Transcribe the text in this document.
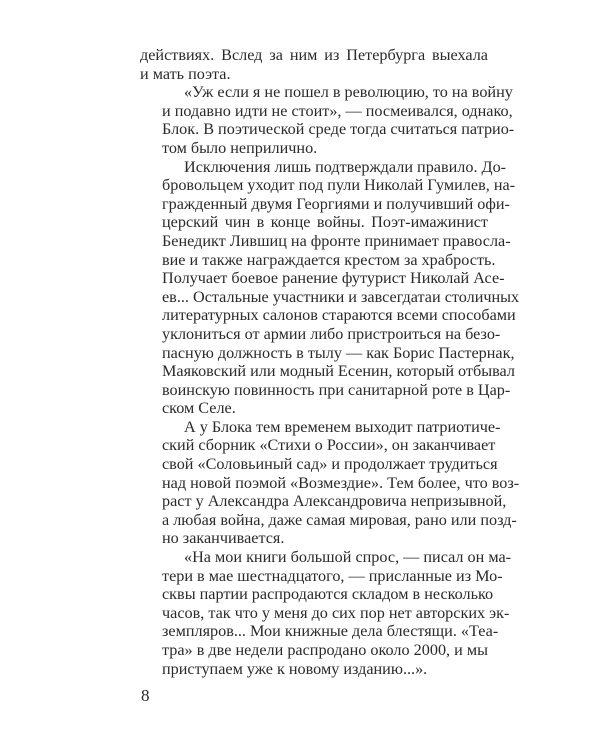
действиях. Вслед за ним из Петербурга выехала
и мать поэта.

«Уж если я не пошел в революцию, то на войну
и подавно идти не стоит», — посмеивался, однако,
Блок. В поэтической среде тогда считаться патрио-
том было неприлично.

Исключения лишь подтверждали правило. До-
бровольцем уходит под пули Николай Гумилев, на-
гражденный двумя Георгиями и получивший офи-
церский чин в конце войны. Поэт-имажинист
Бенедикт Лившиц на фронте принимает правосла-
вие и также награждается крестом за храбрость.
Получает боевое ранение футурист Николай Асе-
ев... Остальные участники и завсегдатаи столичных
литературных салонов стараются всеми способами
уклониться от армии либо пристроиться на безо-
пасную должность в тылу — как Борис Пастернак,
Маяковский или модный Есенин, который отбывал
воинскую повинность при санитарной роте в Цар-
ском Селе.

А у Блока тем временем выходит патриотиче-
ский сборник «Стихи о России», он заканчивает
свой «Соловьиный сад» и продолжает трудиться
над новой поэмой «Возмездие». Тем более, что воз-
раст у Александра Александровича непризывной,
а любая война, даже самая мировая, рано или позд-
но заканчивается.

«На мои книги большой спрос, — писал он ма-
тери в мае шестнадцатого, — присланные из Мо-
сквы партии распродаются складом в несколько
часов, так что у меня до сих пор нет авторских эк-
земпляров... Мои книжные дела блестящи. «Теа-
тра» в две недели распродано около 2000, и мы
приступаем уже к новому изданию...».

8
